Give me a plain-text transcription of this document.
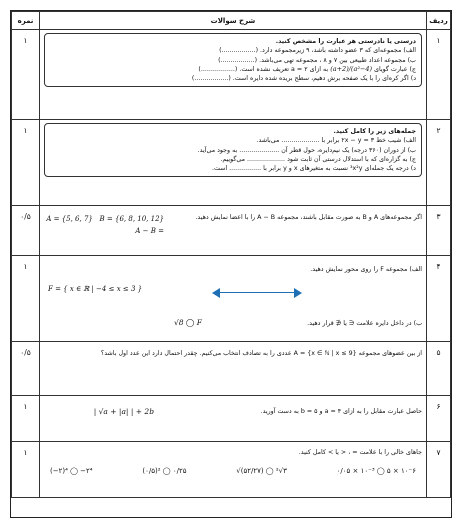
ردیف	شرح سوالات	نمره
۱	درستی یا نادرستی هر عبارت را مشخص کنید.
الف) مجموعه‌ای که ۳ عضو داشته باشد، ۹ زیرمجموعه دارد. (.................)
ب) مجموعه اعداد طبیعی بین ۷ و ۸ ، مجموعه تهی می‌باشد. (.................)
ج) عبارت گویای (a+2)/(a²−4) به ازای ۲ = a تعریف نشده است. (.................)
د) اگر کره‌ای را با یک صفحه برش دهیم، سطح بریده شده دایره است. (.................)	۱
۲	جمله‌های زیر را کامل کنید.
الف) شیب خط ۳ = ۲x − y برابر با ................... می‌باشد.
ب) از دوران (۳۶۰ درجه) یک نیم‌دایره، حول قطر آن .................... به وجود می‌آید.
ج) به گزاره‌ای که با استدلال درستی آن ثابت شود ................... می‌گوییم.
د) درجه یک جمله‌ای ³x²y نسبت به متغیرهای x و y برابر با ................ است.	۱
۳	اگر مجموعه‌های A و B به صورت مقابل باشند، مجموعه A − B را با اعضا نمایش دهید.
A = {5, 6, 7} B = {6, 8, 10, 12}
A − B =	۰/۵
۴	الف) مجموعه F را روی محور نمایش دهید.
F = { x ∈ ℝ | −4 ≤ x ≤ 3 }
ب) در داخل دایره علامت ∈ یا ∉ قرار دهید.
√8 ◯ F	۱
۵	از بین عضوهای مجموعه {x ∈ ℕ | x ≤ 9} = A عددی را به تصادف انتخاب می‌کنیم. چقدر احتمال دارد این عدد اول باشد؟	۰/۵
۶	حاصل عبارت مقابل را به ازای ۴ = a و ۵ = b به دست آورید.
| √a + |a| | + 2b	۱
۷	جاهای خالی را با علامت = ، < یا > کامل کنید.
(−۲)⁴ ◯ −۲⁴ (۰/۵)² ◯ ۰/۲۵ √(۵۲/۲۷) ◯ ²√۳ ۰/۰۵ × ۱۰⁻³ ◯ ۵ × ۱۰⁻۶	۱
